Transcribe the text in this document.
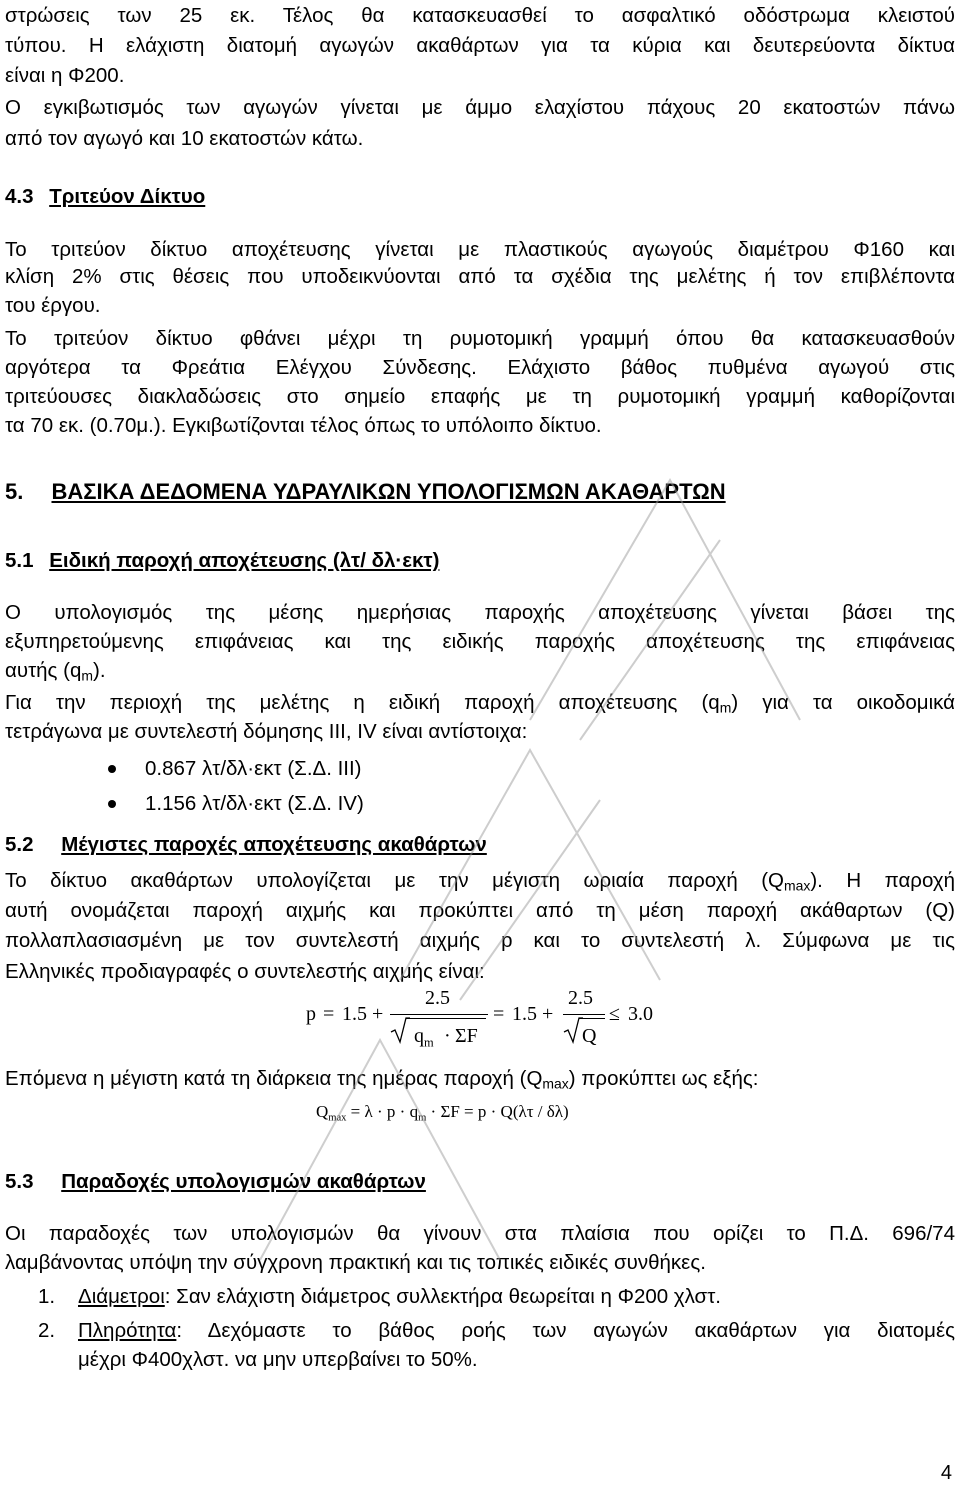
στρώσεις των 25 εκ. Τέλος θα κατασκευασθεί το ασφαλτικό οδόστρωμα κλειστού
τύπου. Η ελάχιστη διατομή αγωγών ακαθάρτων για τα κύρια και δευτερεύοντα δίκτυα
είναι η Φ200.
Ο εγκιβωτισμός των αγωγών γίνεται με άμμο ελαχίστου πάχους 20 εκατοστών πάνω
από τον αγωγό και 10 εκατοστών κάτω.
4.3 Τριτεύον Δίκτυο
Το τριτεύον δίκτυο αποχέτευσης γίνεται με πλαστικούς αγωγούς διαμέτρου Φ160 και
κλίση 2% στις θέσεις που υποδεικνύονται από τα σχέδια της μελέτης ή τον επιβλέποντα
του έργου.
Το τριτεύον δίκτυο φθάνει μέχρι τη ρυμοτομική γραμμή όπου θα κατασκευασθούν
αργότερα τα Φρεάτια Ελέγχου Σύνδεσης. Ελάχιστο βάθος πυθμένα αγωγού στις
τριτεύουσες διακλαδώσεις στο σημείο επαφής με τη ρυμοτομική γραμμή καθορίζονται
τα 70 εκ. (0.70μ.). Εγκιβωτίζονται τέλος όπως το υπόλοιπο δίκτυο.
5. ΒΑΣΙΚΑ ΔΕΔΟΜΕΝΑ ΥΔΡΑΥΛΙΚΩΝ ΥΠΟΛΟΓΙΣΜΩΝ ΑΚΑΘΑΡΤΩΝ
5.1 Ειδική παροχή αποχέτευσης (λτ/ δλ·εκτ)
Ο υπολογισμός της μέσης ημερήσιας παροχής αποχέτευσης γίνεται βάσει της
εξυπηρετούμενης επιφάνειας και της ειδικής παροχής αποχέτευσης της επιφάνειας
αυτής $(q_m)$.
Για την περιοχή της μελέτης η ειδική παροχή αποχέτευσης $(q_m)$ για τα οικοδομικά
τετράγωνα με συντελεστή δόμησης ΙΙΙ, ΙV είναι αντίστοιχα:
0.867 λτ/δλ·εκτ (Σ.Δ. ΙΙΙ)
1.156 λτ/δλ·εκτ (Σ.Δ. ΙV)
5.2 Μέγιστες παροχές αποχέτευσης ακαθάρτων
Το δίκτυο ακαθάρτων υπολογίζεται με την μέγιστη ωριαία παροχή $(Q_{max})$. Η παροχή
αυτή ονομάζεται παροχή αιχμής και προκύπτει από τη μέση παροχή ακάθαρτων (Q)
πολλαπλασιασμένη με τον συντελεστή αιχμής p και το συντελεστή λ. Σύμφωνα με τις
Ελληνικές προδιαγραφές ο συντελεστής αιχμής είναι:
p = 1.5 +
2.5
$q_m \cdot \Sigma F$
= 1.5 +
2.5
Q
≤ 3.0
Επόμενα η μέγιστη κατά τη διάρκεια της ημέρας παροχή $(Q_{max})$ προκύπτει ως εξής:
$Q_{max} = \lambda \cdot p \cdot q_m \cdot \Sigma F = p \cdot Q(\lambda\tau / \delta\lambda)$
5.3 Παραδοχές υπολογισμών ακαθάρτων
Οι παραδοχές των υπολογισμών θα γίνουν στα πλαίσια που ορίζει το Π.Δ. 696/74
λαμβάνοντας υπόψη την σύγχρονη πρακτική και τις τοπικές ειδικές συνθήκες.
1. Διάμετροι: Σαν ελάχιστη διάμετρος συλλεκτήρα θεωρείται η Φ200 χλστ.
2. Πληρότητα: Δεχόμαστε το βάθος ροής των αγωγών ακαθάρτων για διατομές
μέχρι Φ400χλστ. να μην υπερβαίνει το 50%.
4
